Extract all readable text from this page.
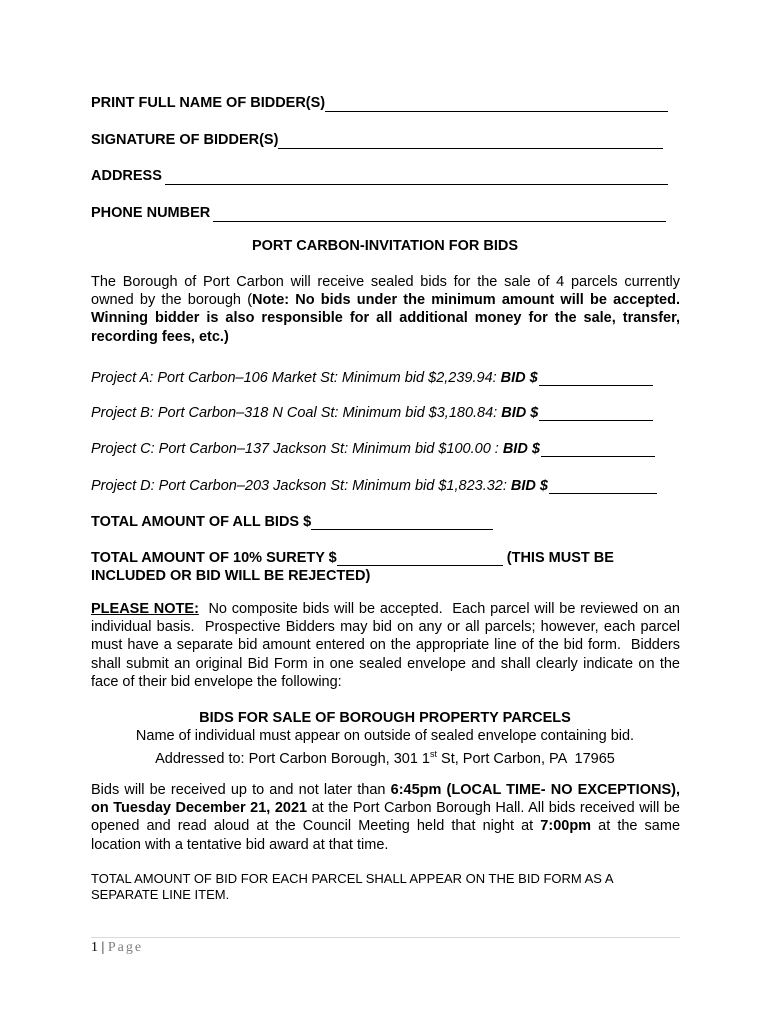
PRINT FULL NAME OF BIDDER(S)
SIGNATURE OF BIDDER(S)
ADDRESS
PHONE NUMBER
PORT CARBON-INVITATION FOR BIDS
The Borough of Port Carbon will receive sealed bids for the sale of 4 parcels currently owned by the borough (Note: No bids under the minimum amount will be accepted. Winning bidder is also responsible for all additional money for the sale, transfer, recording fees, etc.)
Project A: Port Carbon–106 Market St: Minimum bid $2,239.94: BID $
Project B: Port Carbon–318 N Coal St: Minimum bid $3,180.84: BID $
Project C: Port Carbon–137 Jackson St: Minimum bid $100.00 : BID $
Project D: Port Carbon–203 Jackson St: Minimum bid $1,823.32: BID $
TOTAL AMOUNT OF ALL BIDS $
TOTAL AMOUNT OF 10% SURETY $	(THIS MUST BE
INCLUDED OR BID WILL BE REJECTED)
PLEASE NOTE:  No composite bids will be accepted.  Each parcel will be reviewed on an individual basis.  Prospective Bidders may bid on any or all parcels; however, each parcel must have a separate bid amount entered on the appropriate line of the bid form.  Bidders shall submit an original Bid Form in one sealed envelope and shall clearly indicate on the face of their bid envelope the following:
BIDS FOR SALE OF BOROUGH PROPERTY PARCELS
Name of individual must appear on outside of sealed envelope containing bid.
Addressed to: Port Carbon Borough, 301 1st St, Port Carbon, PA  17965
Bids will be received up to and not later than 6:45pm (LOCAL TIME- NO EXCEPTIONS), on Tuesday December 21, 2021 at the Port Carbon Borough Hall. All bids received will be opened and read aloud at the Council Meeting held that night at 7:00pm at the same location with a tentative bid award at that time.
TOTAL AMOUNT OF BID FOR EACH PARCEL SHALL APPEAR ON THE BID FORM AS A SEPARATE LINE ITEM.
1 | Page
